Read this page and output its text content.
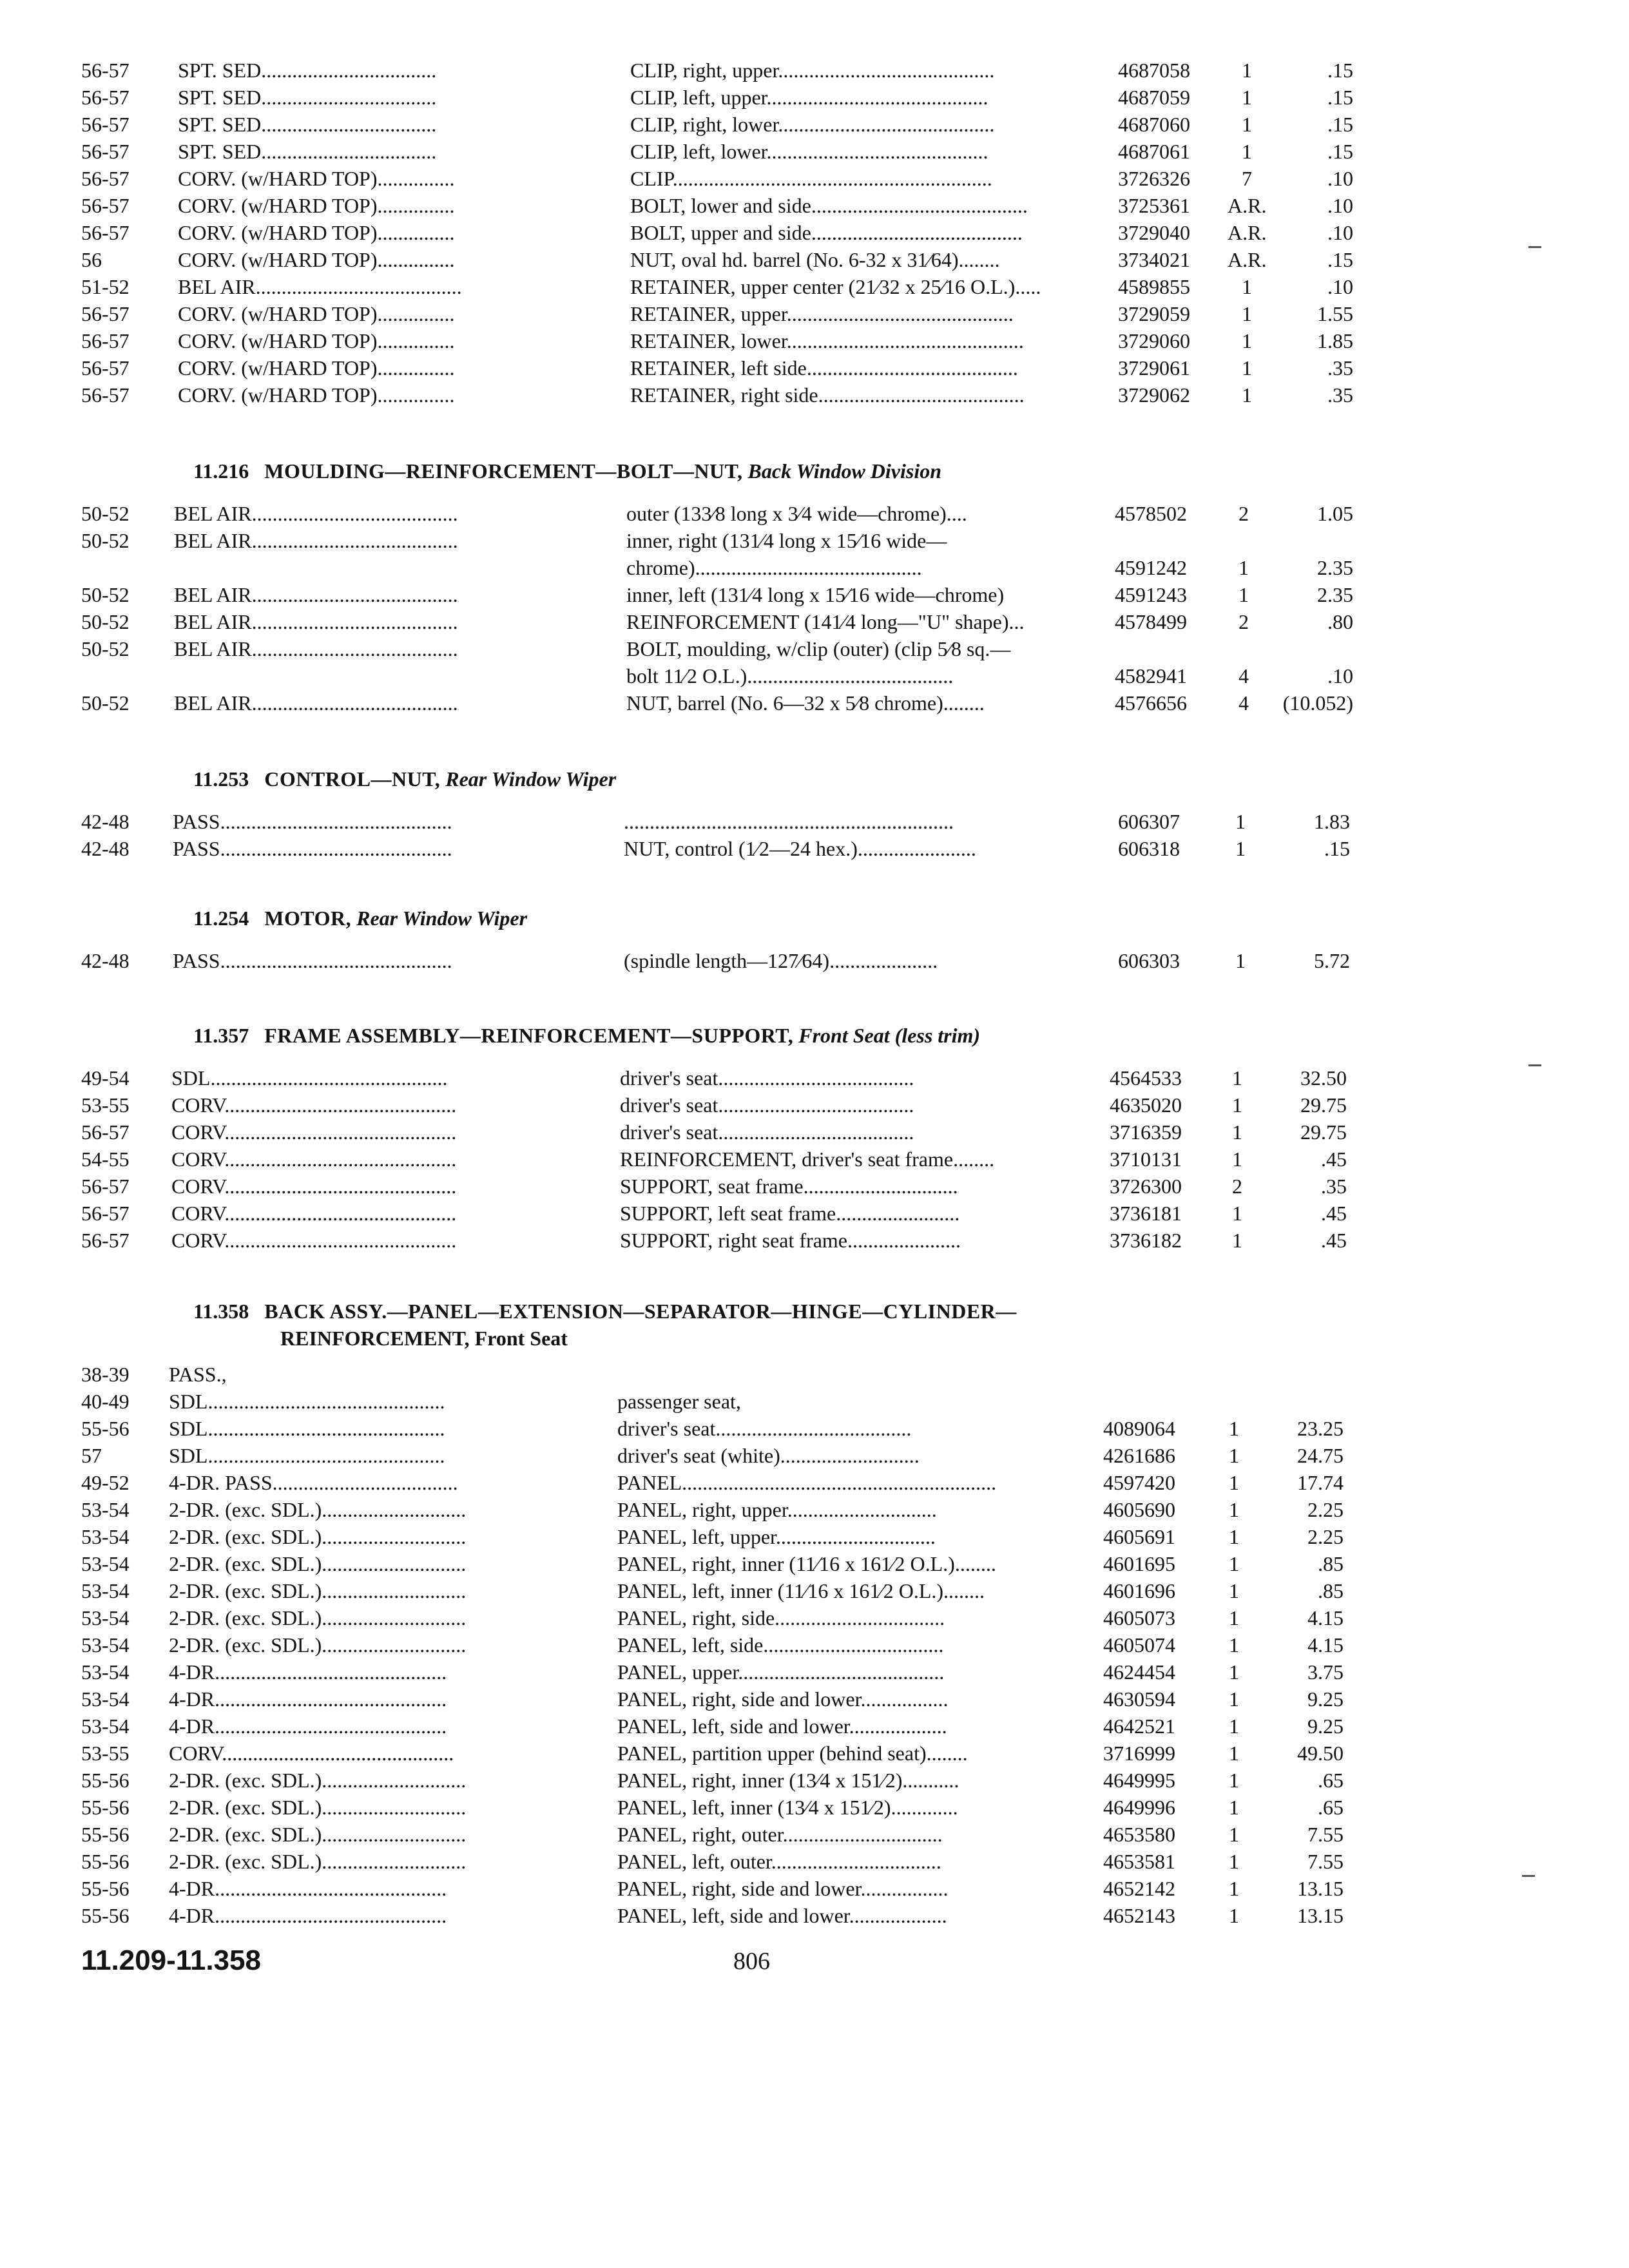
56-57 SPT. SED..................................	CLIP, right, upper..........................................	4687058	1	.15
56-57 SPT. SED..................................	CLIP, left, upper...........................................	4687059	1	.15
56-57 SPT. SED..................................	CLIP, right, lower..........................................	4687060	1	.15
56-57 SPT. SED..................................	CLIP, left, lower...........................................	4687061	1	.15
56-57 CORV. (w/HARD TOP)...............	CLIP..............................................................	3726326	7	.10
56-57 CORV. (w/HARD TOP)...............	BOLT, lower and side..........................................	3725361 A.R.	.10
56-57 CORV. (w/HARD TOP)...............	BOLT, upper and side.........................................	3729040 A.R.	.10
56	CORV. (w/HARD TOP)...............	NUT, oval hd. barrel (No. 6-32 x 31⁄64)........	3734021 A.R.	.15
51-52 BEL AIR........................................	RETAINER, upper center (21⁄32 x 25⁄16 O.L.).....	4589855	1	.10
56-57 CORV. (w/HARD TOP)...............	RETAINER, upper............................................	3729059	1	1.55
56-57 CORV. (w/HARD TOP)...............	RETAINER, lower..............................................	3729060	1	1.85
56-57 CORV. (w/HARD TOP)...............	RETAINER, left side.........................................	3729061	1	.35
56-57 CORV. (w/HARD TOP)...............	RETAINER, right side........................................	3729062	1	.35
11.216 MOULDING—REINFORCEMENT—BOLT—NUT, Back Window Division
50-52 BEL AIR........................................	outer (133⁄8 long x 3⁄4 wide—chrome)....	4578502	2	1.05
50-52 BEL AIR........................................	inner, right (131⁄4 long x 15⁄16 wide—
chrome)............................................	4591242	1	2.35
50-52 BEL AIR........................................	inner, left (131⁄4 long x 15⁄16 wide—chrome)	4591243	1	2.35
50-52 BEL AIR........................................	REINFORCEMENT (141⁄4 long—"U" shape)...	4578499	2	.80
50-52 BEL AIR........................................	BOLT, moulding, w/clip (outer) (clip 5⁄8 sq.—
bolt 11⁄2 O.L.)........................................	4582941	4	.10
50-52 BEL AIR........................................	NUT, barrel (No. 6—32 x 5⁄8 chrome)........	4576656	4	(10.052)
11.253 CONTROL—NUT, Rear Window Wiper
42-48 PASS.............................................	................................................................	606307	1	1.83
42-48 PASS.............................................	NUT, control (1⁄2—24 hex.).......................	606318	1	.15
11.254 MOTOR, Rear Window Wiper
42-48 PASS.............................................	(spindle length—127⁄64).....................	606303	1	5.72
11.357 FRAME ASSEMBLY—REINFORCEMENT—SUPPORT, Front Seat (less trim)
49-54 SDL..............................................	driver's seat......................................	4564533	1	32.50
53-55 CORV.............................................	driver's seat......................................	4635020	1	29.75
56-57 CORV.............................................	driver's seat......................................	3716359	1	29.75
54-55 CORV.............................................	REINFORCEMENT, driver's seat frame........	3710131	1	.45
56-57 CORV.............................................	SUPPORT, seat frame..............................	3726300	2	.35
56-57 CORV.............................................	SUPPORT, left seat frame........................	3736181	1	.45
56-57 CORV.............................................	SUPPORT, right seat frame......................	3736182	1	.45
11.358 BACK ASSY.—PANEL—EXTENSION—SEPARATOR—HINGE—CYLINDER—
REINFORCEMENT, Front Seat
38-39 PASS.,
40-49 SDL..............................................	passenger seat,
55-56 SDL..............................................	driver's seat......................................	4089064	1	23.25
57	SDL..............................................	driver's seat (white)...........................	4261686	1	24.75
49-52 4-DR. PASS....................................	PANEL.............................................................	4597420	1	17.74
53-54 2-DR. (exc. SDL.)............................	PANEL, right, upper.............................	4605690	1	2.25
53-54 2-DR. (exc. SDL.)............................	PANEL, left, upper...............................	4605691	1	2.25
53-54 2-DR. (exc. SDL.)............................	PANEL, right, inner (11⁄16 x 161⁄2 O.L.)........	4601695	1	.85
53-54 2-DR. (exc. SDL.)............................	PANEL, left, inner (11⁄16 x 161⁄2 O.L.)........	4601696	1	.85
53-54 2-DR. (exc. SDL.)............................	PANEL, right, side.................................	4605073	1	4.15
53-54 2-DR. (exc. SDL.)............................	PANEL, left, side...................................	4605074	1	4.15
53-54 4-DR.............................................	PANEL, upper........................................	4624454	1	3.75
53-54 4-DR.............................................	PANEL, right, side and lower.................	4630594	1	9.25
53-54 4-DR.............................................	PANEL, left, side and lower...................	4642521	1	9.25
53-55 CORV.............................................	PANEL, partition upper (behind seat)........	3716999	1	49.50
55-56 2-DR. (exc. SDL.)............................	PANEL, right, inner (13⁄4 x 151⁄2)...........	4649995	1	.65
55-56 2-DR. (exc. SDL.)............................	PANEL, left, inner (13⁄4 x 151⁄2).............	4649996	1	.65
55-56 2-DR. (exc. SDL.)............................	PANEL, right, outer...............................	4653580	1	7.55
55-56 2-DR. (exc. SDL.)............................	PANEL, left, outer.................................	4653581	1	7.55
55-56 4-DR.............................................	PANEL, right, side and lower.................	4652142	1	13.15
55-56 4-DR.............................................	PANEL, left, side and lower...................	4652143	1	13.15
11.209-11.358	806
